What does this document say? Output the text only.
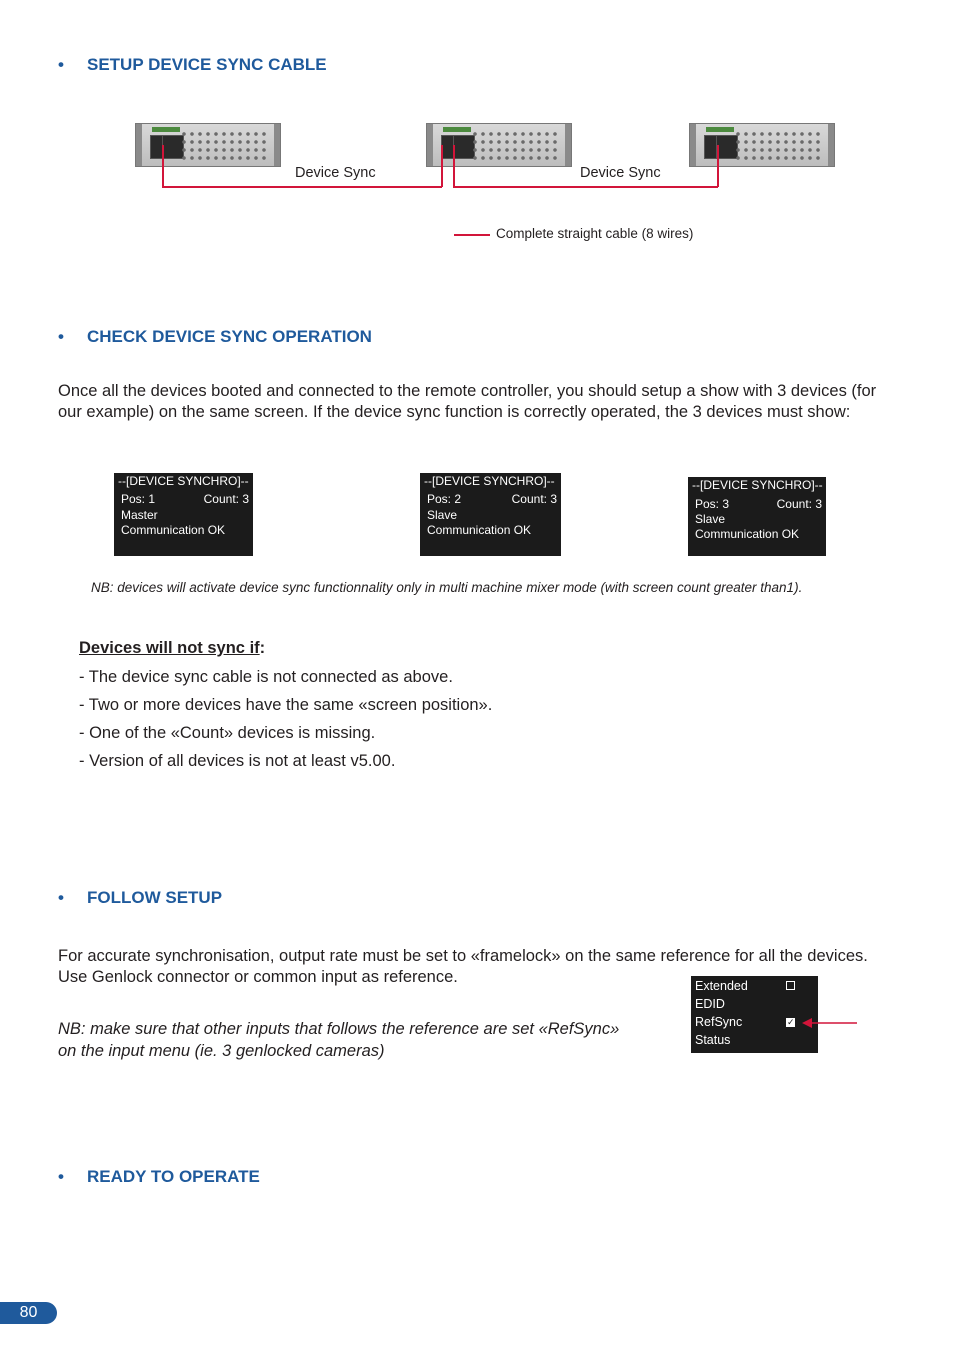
• SETUP DEVICE SYNC CABLE
Device Sync	Device Sync
Complete straight cable (8 wires)
• CHECK DEVICE SYNC OPERATION
Once all the devices booted and connected to the remote controller, you should setup a show with 3 devices (for
our example) on the same screen. If the device sync function is correctly operated, the 3 devices must show:
--[DEVICE SYNCHRO]--
Pos: 1	Count: 3
Master
Communication OK
--[DEVICE SYNCHRO]--
Pos: 2	Count: 3
Slave
Communication OK
--[DEVICE SYNCHRO]--
Pos: 3	Count: 3
Slave
Communication OK
NB: devices will activate device sync functionnality only in multi machine mixer mode (with screen count greater than1).
Devices will not sync if:
- The device sync cable is not connected as above.
- Two or more devices have the same «screen position».
- One of the «Count» devices is missing.
- Version of all devices is not at least v5.00.
• FOLLOW SETUP
For accurate synchronisation, output rate must be set to «framelock» on the same reference for all the devices.
Use Genlock connector or common input as reference.
NB: make sure that other inputs that follows the reference are set «RefSync»
on the input menu (ie. 3 genlocked cameras)
Extended
EDID
RefSync	✓
Status
• READY TO OPERATE
80
